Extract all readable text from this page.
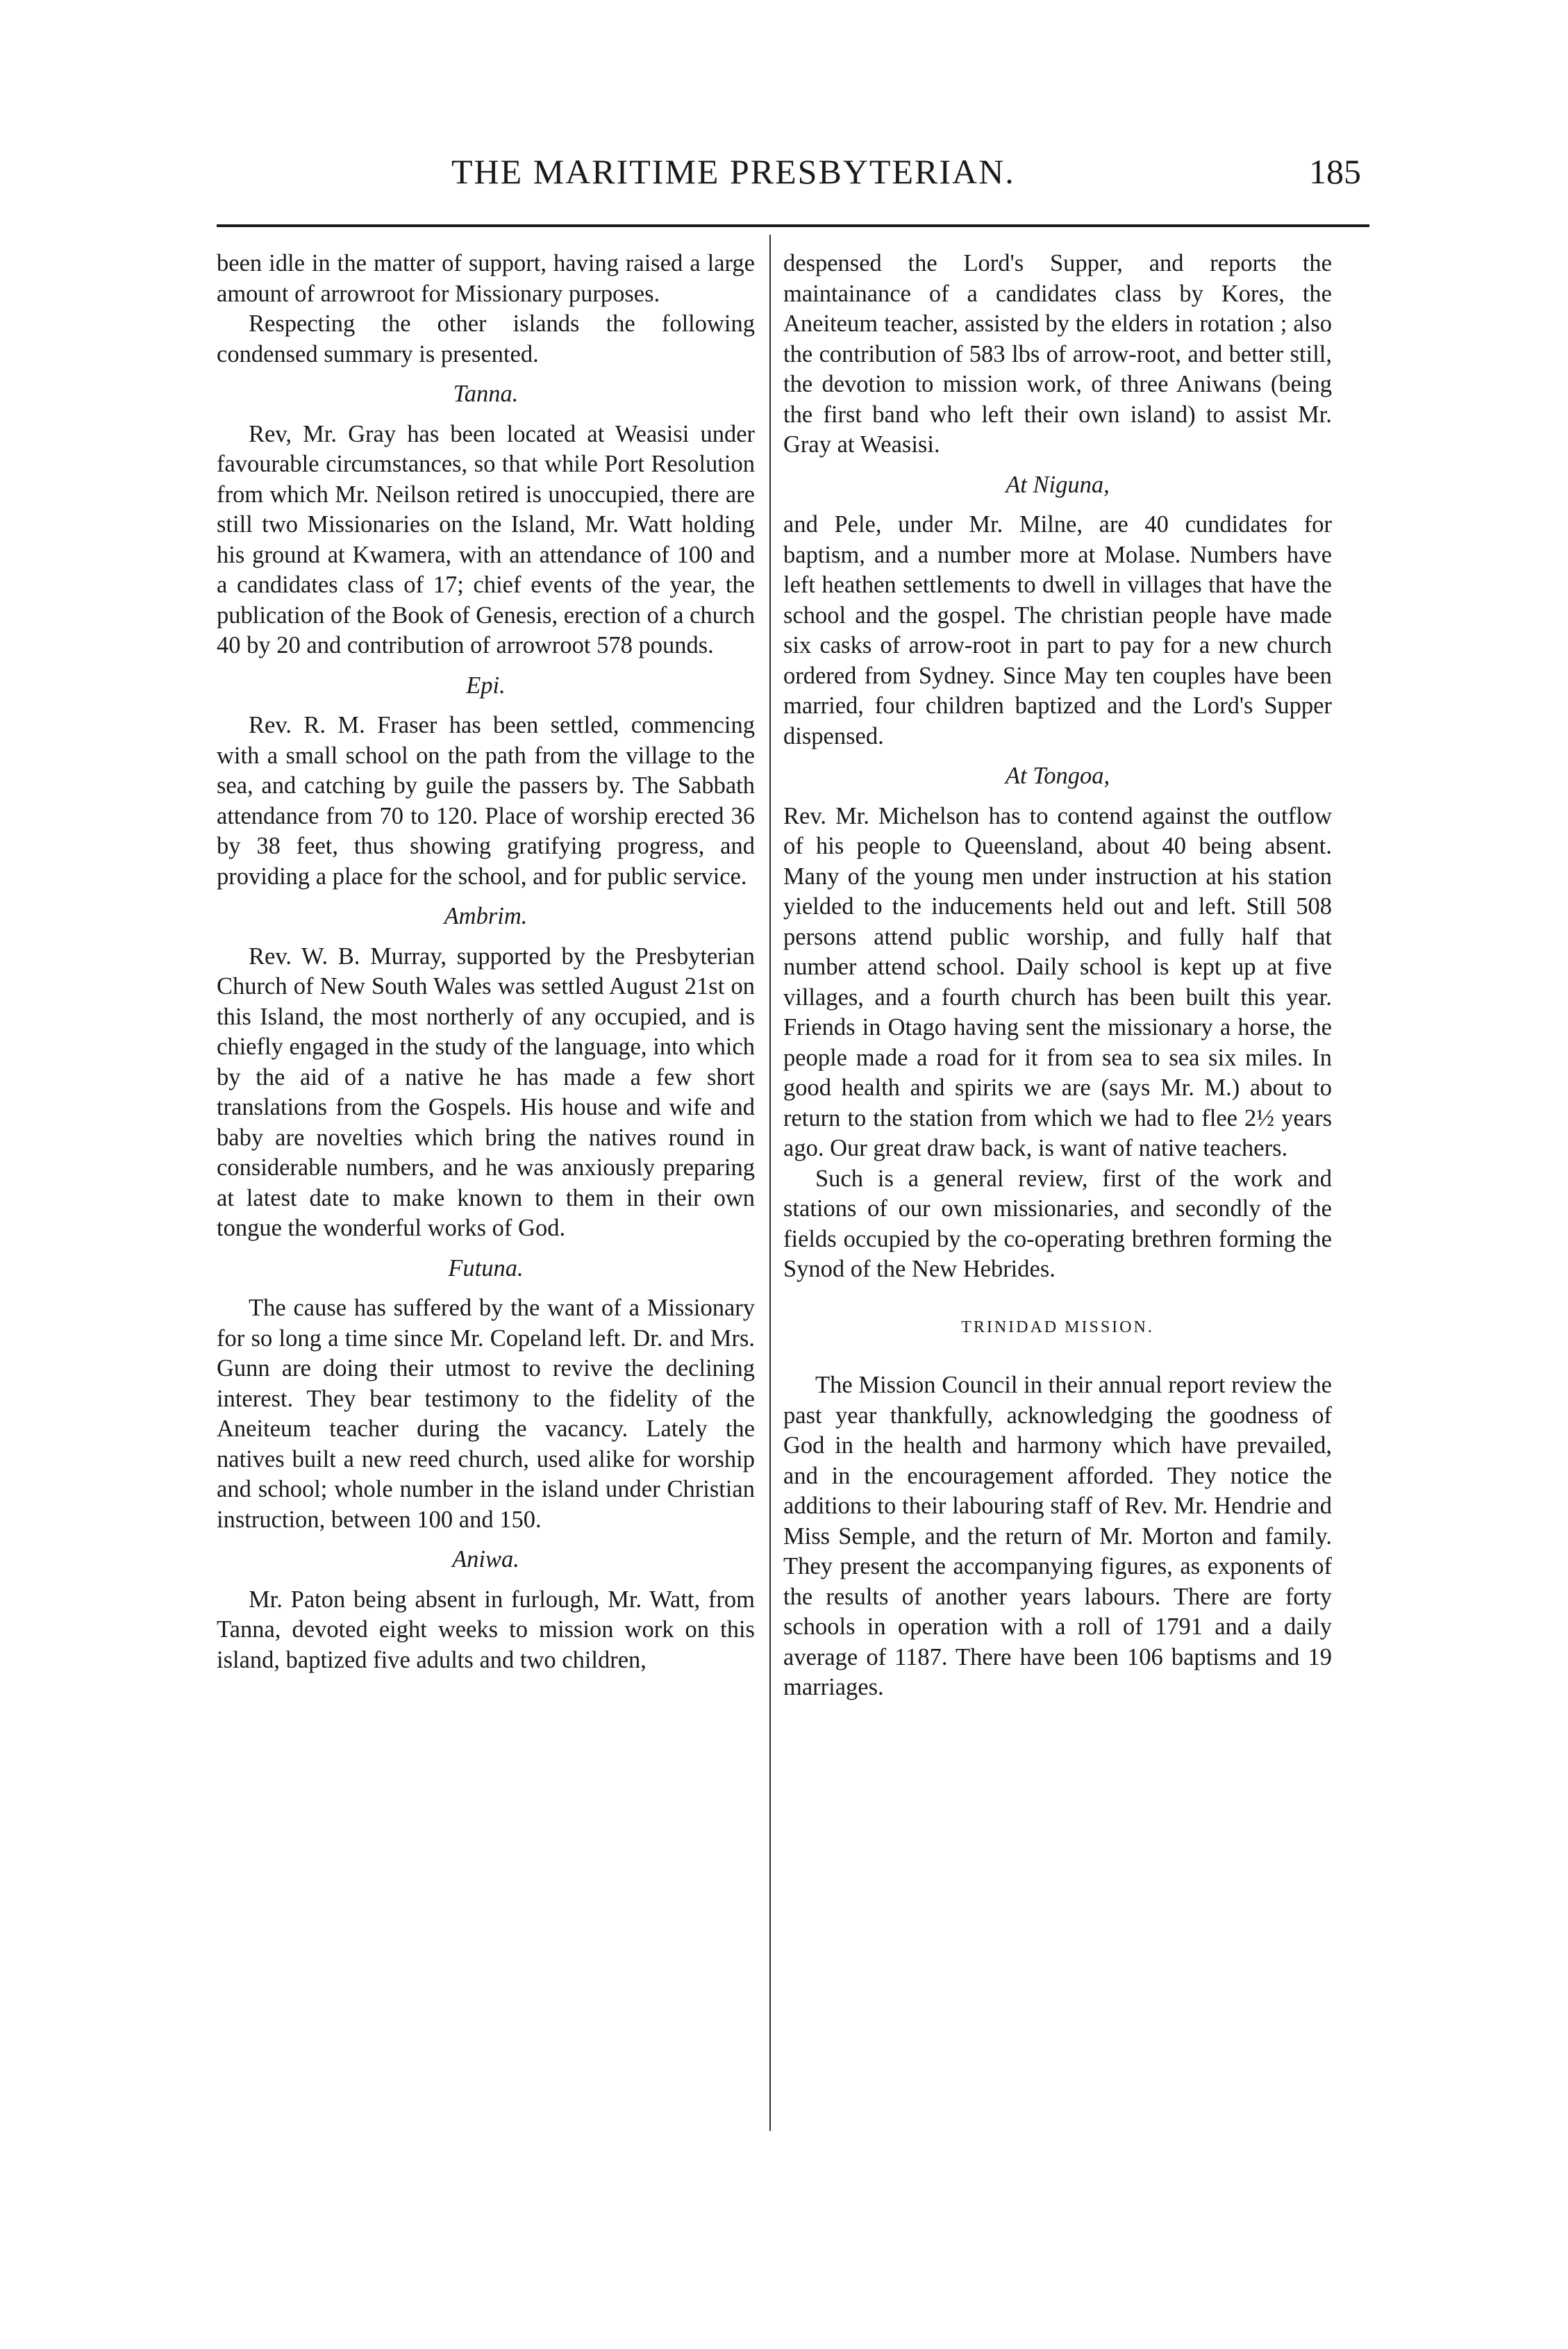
THE MARITIME PRESBYTERIAN.	185

been idle in the matter of support, having raised a large amount of arrowroot for Missionary purposes.

Respecting the other islands the following condensed summary is presented.

Tanna.

Rev, Mr. Gray has been located at Weasisi under favourable circumstances, so that while Port Resolution from which Mr. Neilson retired is unoccupied, there are still two Missionaries on the Island, Mr. Watt holding his ground at Kwamera, with an attendance of 100 and a candidates class of 17; chief events of the year, the publication of the Book of Genesis, erection of a church 40 by 20 and contribution of arrowroot 578 pounds.

Epi.

Rev. R. M. Fraser has been settled, commencing with a small school on the path from the village to the sea, and catching by guile the passers by. The Sabbath attendance from 70 to 120. Place of worship erected 36 by 38 feet, thus showing gratifying progress, and providing a place for the school, and for public service.

Ambrim.

Rev. W. B. Murray, supported by the Presbyterian Church of New South Wales was settled August 21st on this Island, the most northerly of any occupied, and is chiefly engaged in the study of the language, into which by the aid of a native he has made a few short translations from the Gospels. His house and wife and baby are novelties which bring the natives round in considerable numbers, and he was anxiously preparing at latest date to make known to them in their own tongue the wonderful works of God.

Futuna.

The cause has suffered by the want of a Missionary for so long a time since Mr. Copeland left. Dr. and Mrs. Gunn are doing their utmost to revive the declining interest. They bear testimony to the fidelity of the Aneiteum teacher during the vacancy. Lately the natives built a new reed church, used alike for worship and school; whole number in the island under Christian instruction, between 100 and 150.

Aniwa.

Mr. Paton being absent in furlough, Mr. Watt, from Tanna, devoted eight weeks to mission work on this island, baptized five adults and two children,

despensed the Lord's Supper, and reports the maintainance of a candidates class by Kores, the Aneiteum teacher, assisted by the elders in rotation ; also the contribution of 583 lbs of arrow-root, and better still, the devotion to mission work, of three Aniwans (being the first band who left their own island) to assist Mr. Gray at Weasisi.

At Niguna,

and Pele, under Mr. Milne, are 40 cundidates for baptism, and a number more at Molase. Numbers have left heathen settlements to dwell in villages that have the school and the gospel. The christian people have made six casks of arrow-root in part to pay for a new church ordered from Sydney. Since May ten couples have been married, four children baptized and the Lord's Supper dispensed.

At Tongoa,

Rev. Mr. Michelson has to contend against the outflow of his people to Queensland, about 40 being absent. Many of the young men under instruction at his station yielded to the inducements held out and left. Still 508 persons attend public worship, and fully half that number attend school. Daily school is kept up at five villages, and a fourth church has been built this year. Friends in Otago having sent the missionary a horse, the people made a road for it from sea to sea six miles. In good health and spirits we are (says Mr. M.) about to return to the station from which we had to flee 2½ years ago. Our great draw back, is want of native teachers.

Such is a general review, first of the work and stations of our own missionaries, and secondly of the fields occupied by the co-operating brethren forming the Synod of the New Hebrides.

TRINIDAD MISSION.

The Mission Council in their annual report review the past year thankfully, acknowledging the goodness of God in the health and harmony which have prevailed, and in the encouragement afforded. They notice the additions to their labouring staff of Rev. Mr. Hendrie and Miss Semple, and the return of Mr. Morton and family. They present the accompanying figures, as exponents of the results of another years labours. There are forty schools in operation with a roll of 1791 and a daily average of 1187. There have been 106 baptisms and 19 marriages.
